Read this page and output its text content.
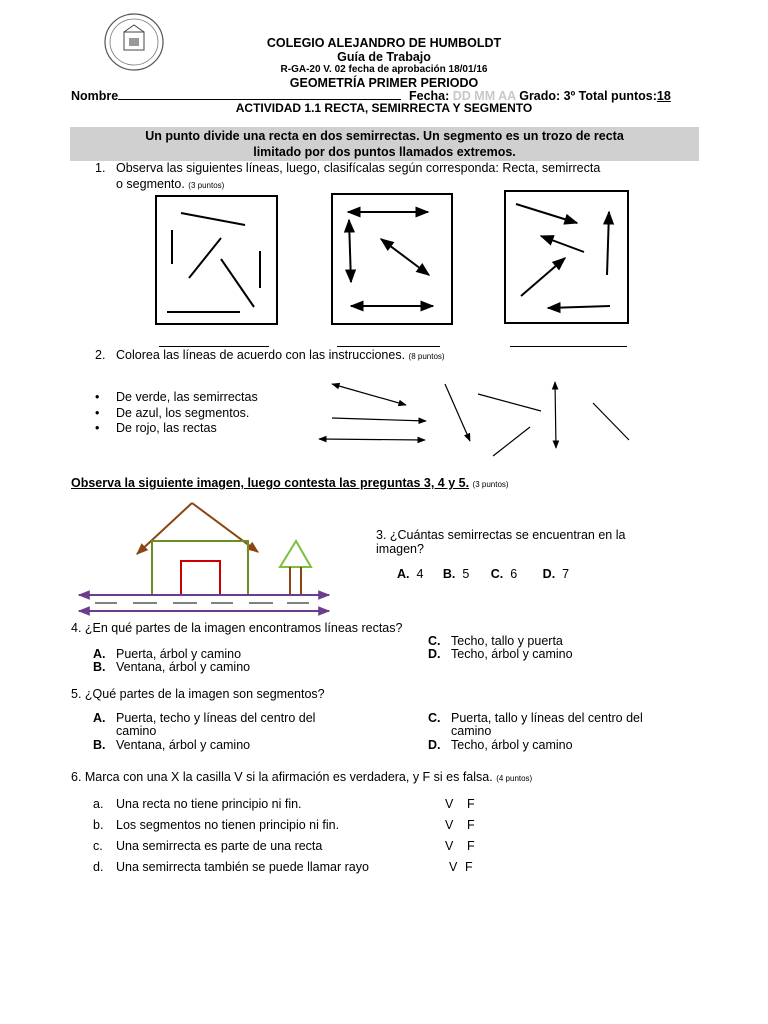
COLEGIO ALEJANDRO DE HUMBOLDT
Guía de Trabajo
R-GA-20 V. 02 fecha de aprobación 18/01/16
GEOMETRÍA PRIMER PERIODO
Nombre	Fecha: DD MM AA Grado: 3º Total puntos:18
ACTIVIDAD 1.1 RECTA, SEMIRRECTA Y SEGMENTO
Un punto divide una recta en dos semirrectas. Un segmento es un trozo de recta
limitado por dos puntos llamados extremos.
1. Observa las siguientes líneas, luego, clasifícalas según corresponda: Recta, semirrecta
o segmento. (3 puntos)
2. Colorea las líneas de acuerdo con las instrucciones. (8 puntos)
• De verde, las semirrectas
• De azul, los segmentos.
• De rojo, las rectas
Observa la siguiente imagen, luego contesta las preguntas 3, 4 y 5. (3 puntos)
3. ¿Cuántas semirrectas se encuentran en la
imagen?
A. 4 B. 5 C. 6 D. 7
4. ¿En qué partes de la imagen encontramos líneas rectas?
A. Puerta, árbol y camino
B. Ventana, árbol y camino
C. Techo, tallo y puerta
D. Techo, árbol y camino
5. ¿Qué partes de la imagen son segmentos?
A. Puerta, techo y líneas del centro del
camino
B. Ventana, árbol y camino
C. Puerta, tallo y líneas del centro del
camino
D. Techo, árbol y camino
6. Marca con una X la casilla V si la afirmación es verdadera, y F si es falsa. (4 puntos)
a. Una recta no tiene principio ni fin.	V F
b. Los segmentos no tienen principio ni fin.	V F
c. Una semirrecta es parte de una recta	V F
d. Una semirrecta también se puede llamar rayo	V F
